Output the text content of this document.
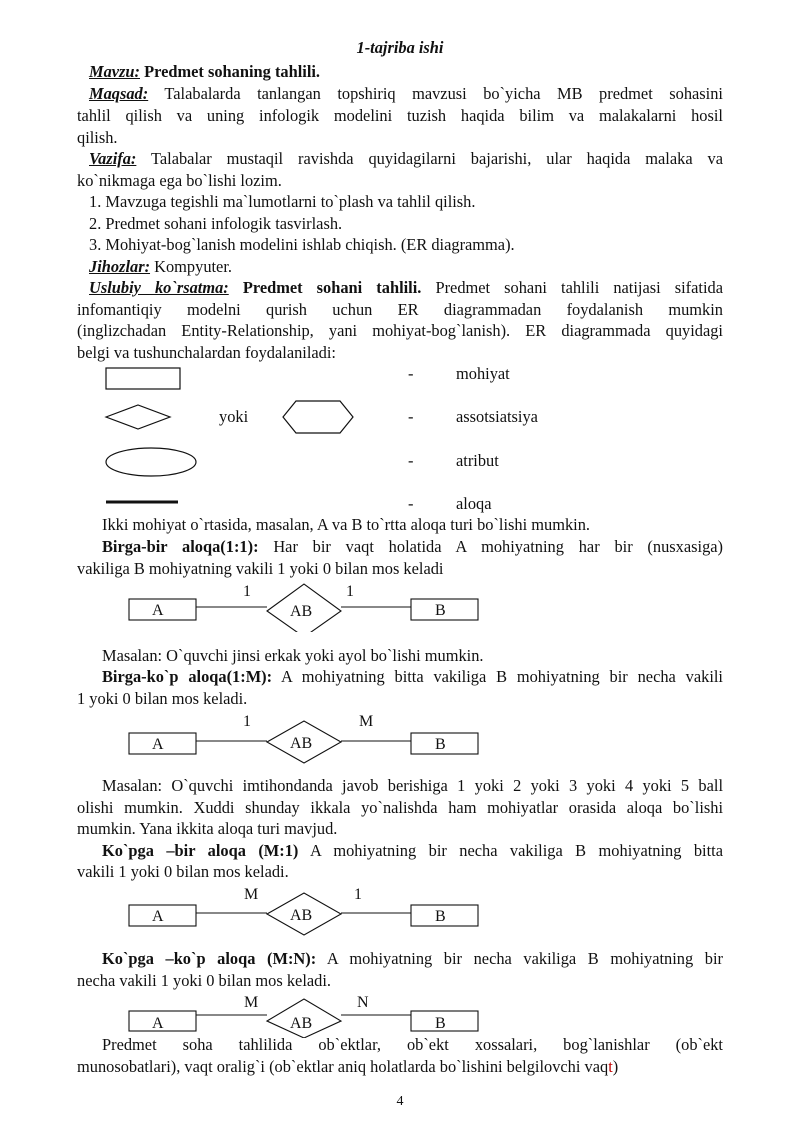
1-tajriba ishi
Mavzu: Predmet sohaning tahlili.
Maqsad: Talabalarda tanlangan topshiriq mavzusi bo`yicha MB predmet sohasini
tahlil qilish va uning infologik modelini tuzish haqida bilim va malakalarni hosil
qilish.
Vazifa: Talabalar mustaqil ravishda quyidagilarni bajarishi, ular haqida malaka va
ko`nikmaga ega bo`lishi lozim.
1. Mavzuga tegishli ma`lumotlarni to`plash va tahlil qilish.
2. Predmet sohani infologik tasvirlash.
3. Mohiyat-bog`lanish modelini ishlab chiqish. (ER diagramma).
Jihozlar: Kompyuter.
Uslubiy ko`rsatma: Predmet sohani tahlili. Predmet sohani tahlili natijasi sifatida
infomantiqiy modelni qurish uchun ER diagrammadan foydalanish mumkin
(inglizchadan Entity-Relationship, yani mohiyat-bog`lanish). ER diagrammada quyidagi
belgi va tushunchalardan foydalaniladi:
yoki
-	mohiyat
-	assotsiatsiya
-	atribut
-	aloqa
Ikki mohiyat o`rtasida, masalan, A va B to`rtta aloqa turi bo`lishi mumkin.
Birga-bir aloqa(1:1): Har bir vaqt holatida A mohiyatning har bir (nusxasiga)
vakiliga B mohiyatning vakili 1 yoki 0 bilan mos keladi
1	1
A	AB	B
Masalan: O`quvchi jinsi erkak yoki ayol bo`lishi mumkin.
Birga-ko`p aloqa(1:M): A mohiyatning bitta vakiliga B mohiyatning bir necha vakili
1 yoki 0 bilan mos keladi.
1	M
A	AB	B
Masalan: O`quvchi imtihondanda javob berishiga 1 yoki 2 yoki 3 yoki 4 yoki 5 ball
olishi mumkin. Xuddi shunday ikkala yo`nalishda ham mohiyatlar orasida aloqa bo`lishi
mumkin. Yana ikkita aloqa turi mavjud.
Ko`pga –bir aloqa (M:1) A mohiyatning bir necha vakiliga B mohiyatning bitta
vakili 1 yoki 0 bilan mos keladi.
M	1
A	AB	B
Ko`pga –ko`p aloqa (M:N): A mohiyatning bir necha vakiliga B mohiyatning bir
necha vakili 1 yoki 0 bilan mos keladi.
M	N
A	AB	B
Predmet soha tahlilida ob`ektlar, ob`ekt xossalari, bog`lanishlar (ob`ekt
munosobatlari), vaqt oralig`i (ob`ektlar aniq holatlarda bo`lishini belgilovchi vaqt)
4
